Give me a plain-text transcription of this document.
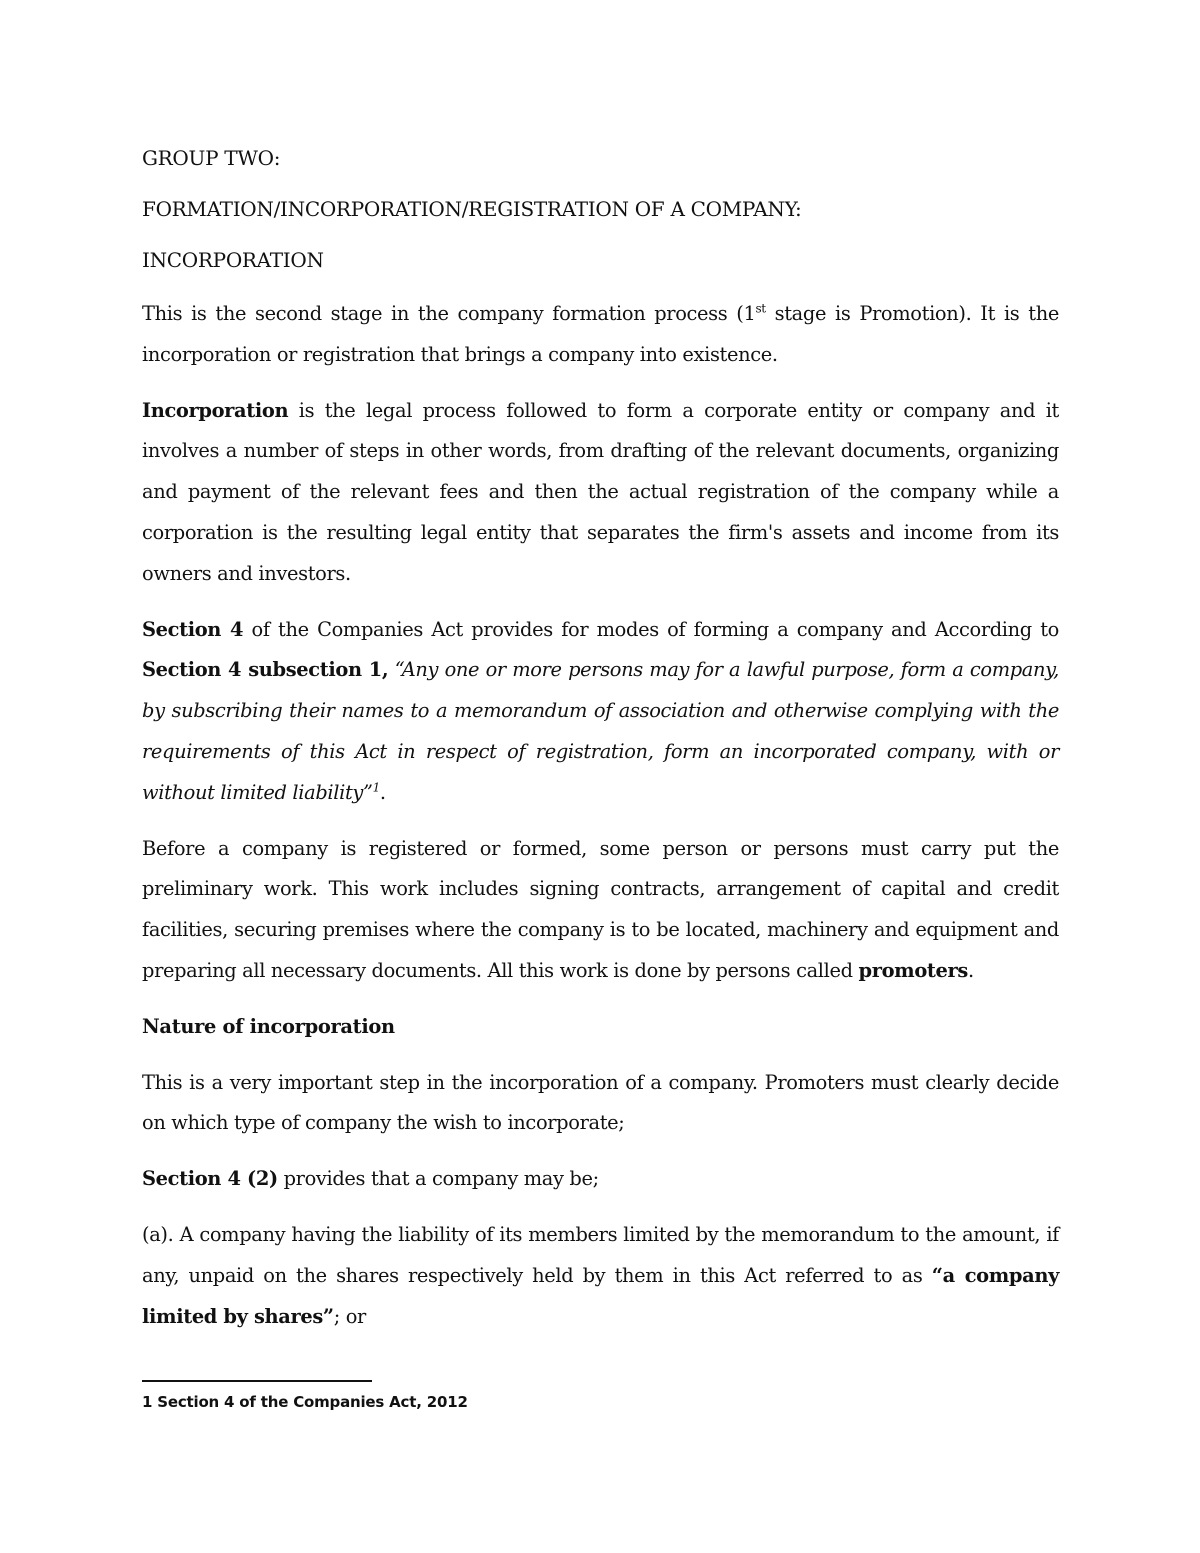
GROUP TWO:
FORMATION/INCORPORATION/REGISTRATION OF A COMPANY:
INCORPORATION
This is the second stage in the company formation process (1st stage is Promotion). It is the incorporation or registration that brings a company into existence.
Incorporation is the legal process followed to form a corporate entity or company and it involves a number of steps in other words, from drafting of the relevant documents, organizing and payment of the relevant fees and then the actual registration of the company while a corporation is the resulting legal entity that separates the firm's assets and income from its owners and investors.
Section 4 of the Companies Act provides for modes of forming a company and According to Section 4 subsection 1, “Any one or more persons may for a lawful purpose, form a company, by subscribing their names to a memorandum of association and otherwise complying with the requirements of this Act in respect of registration, form an incorporated company, with or without limited liability”$^1$.
Before a company is registered or formed, some person or persons must carry put the preliminary work. This work includes signing contracts, arrangement of capital and credit facilities, securing premises where the company is to be located, machinery and equipment and preparing all necessary documents. All this work is done by persons called promoters.
Nature of incorporation
This is a very important step in the incorporation of a company. Promoters must clearly decide on which type of company the wish to incorporate;
Section 4 (2) provides that a company may be;
(a). A company having the liability of its members limited by the memorandum to the amount, if any, unpaid on the shares respectively held by them in this Act referred to as “a company limited by shares”; or
1 Section 4 of the Companies Act, 2012
